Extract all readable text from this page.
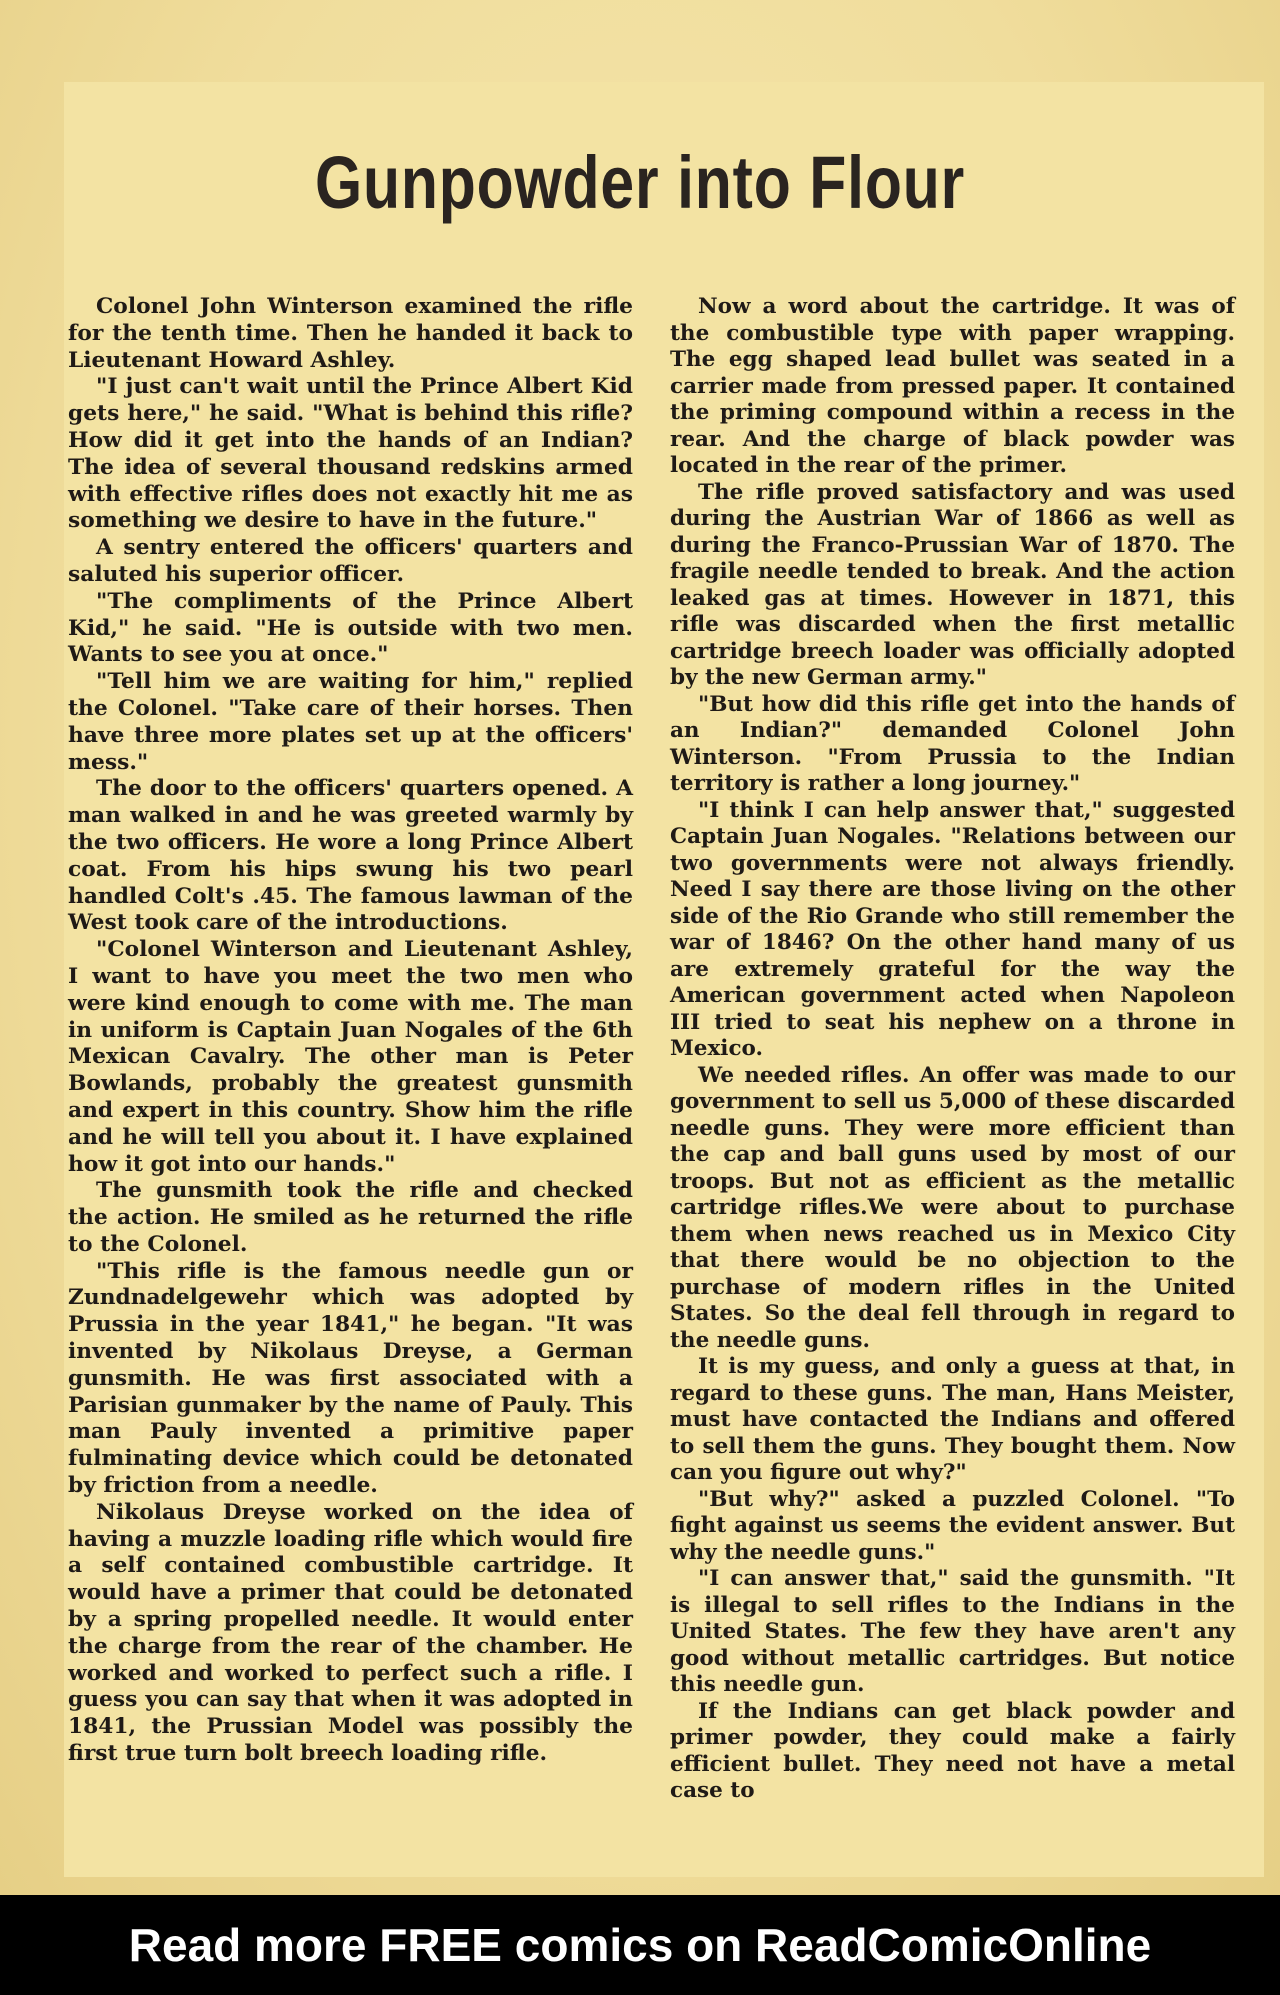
Gunpowder into Flour

Colonel John Winterson examined the rifle for the tenth time. Then he handed it back to Lieutenant Howard Ashley.

"I just can't wait until the Prince Albert Kid gets here," he said. "What is behind this rifle? How did it get into the hands of an Indian? The idea of several thousand redskins armed with effective rifles does not exactly hit me as something we desire to have in the future."

A sentry entered the officers' quarters and saluted his superior officer.

"The compliments of the Prince Albert Kid," he said. "He is outside with two men. Wants to see you at once."

"Tell him we are waiting for him," replied the Colonel. "Take care of their horses. Then have three more plates set up at the officers' mess."

The door to the officers' quarters opened. A man walked in and he was greeted warmly by the two officers. He wore a long Prince Albert coat. From his hips swung his two pearl handled Colt's .45. The famous lawman of the West took care of the introductions.

"Colonel Winterson and Lieutenant Ashley, I want to have you meet the two men who were kind enough to come with me. The man in uniform is Captain Juan Nogales of the 6th Mexican Cavalry. The other man is Peter Bowlands, probably the greatest gunsmith and expert in this country. Show him the rifle and he will tell you about it. I have explained how it got into our hands."

The gunsmith took the rifle and checked the action. He smiled as he returned the rifle to the Colonel.

"This rifle is the famous needle gun or Zundnadelgewehr which was adopted by Prussia in the year 1841," he began. "It was invented by Nikolaus Dreyse, a German gunsmith. He was first associated with a Parisian gunmaker by the name of Pauly. This man Pauly invented a primitive paper fulminating device which could be detonated by friction from a needle.

Nikolaus Dreyse worked on the idea of having a muzzle loading rifle which would fire a self contained combustible cartridge. It would have a primer that could be detonated by a spring propelled needle. It would enter the charge from the rear of the chamber. He worked and worked to perfect such a rifle. I guess you can say that when it was adopted in 1841, the Prussian Model was possibly the first true turn bolt breech loading rifle.

Now a word about the cartridge. It was of the combustible type with paper wrapping. The egg shaped lead bullet was seated in a carrier made from pressed paper. It contained the priming compound within a recess in the rear. And the charge of black powder was located in the rear of the primer.

The rifle proved satisfactory and was used during the Austrian War of 1866 as well as during the Franco-Prussian War of 1870. The fragile needle tended to break. And the action leaked gas at times. However in 1871, this rifle was discarded when the first metallic cartridge breech loader was officially adopted by the new German army."

"But how did this rifle get into the hands of an Indian?" demanded Colonel John Winterson. "From Prussia to the Indian territory is rather a long journey."

"I think I can help answer that," suggested Captain Juan Nogales. "Relations between our two governments were not always friendly. Need I say there are those living on the other side of the Rio Grande who still remember the war of 1846? On the other hand many of us are extremely grateful for the way the American government acted when Napoleon III tried to seat his nephew on a throne in Mexico.

We needed rifles. An offer was made to our government to sell us 5,000 of these discarded needle guns. They were more efficient than the cap and ball guns used by most of our troops. But not as efficient as the metallic cartridge rifles.We were about to purchase them when news reached us in Mexico City that there would be no objection to the purchase of modern rifles in the United States. So the deal fell through in regard to the needle guns.

It is my guess, and only a guess at that, in regard to these guns. The man, Hans Meister, must have contacted the Indians and offered to sell them the guns. They bought them. Now can you figure out why?"

"But why?" asked a puzzled Colonel. "To fight against us seems the evident answer. But why the needle guns."

"I can answer that," said the gunsmith. "It is illegal to sell rifles to the Indians in the United States. The few they have aren't any good without metallic cartridges. But notice this needle gun.

If the Indians can get black powder and primer powder, they could make a fairly efficient bullet. They need not have a metal case to

Read more FREE comics on ReadComicOnline
